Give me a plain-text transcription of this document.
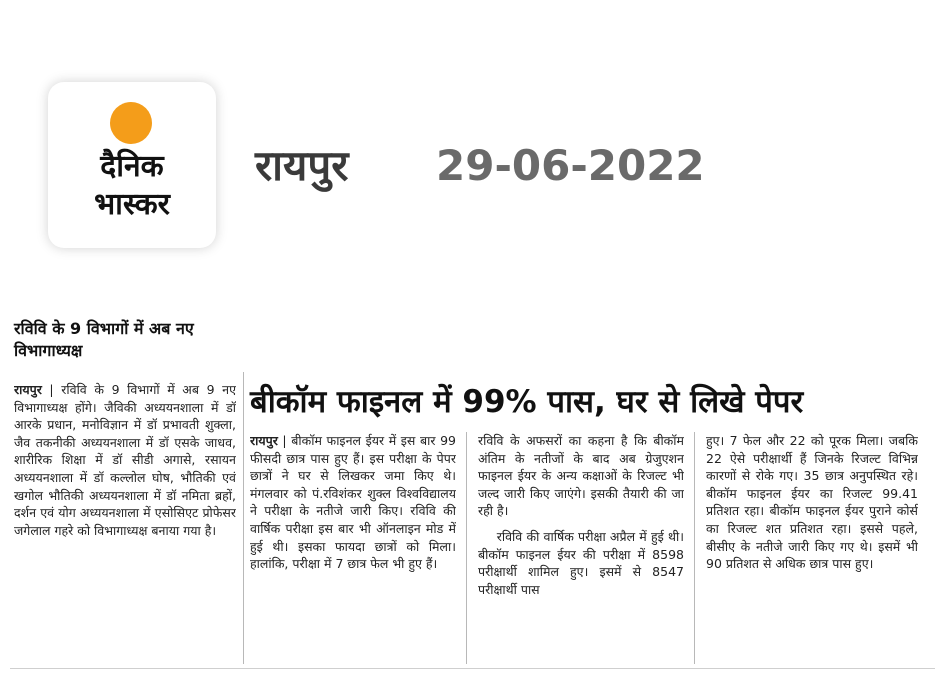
दैनिक
भास्कर
रायपुर 29-06-2022
रविवि के 9 विभागों में अब नए विभागाध्यक्ष
रायपुर | रविवि के 9 विभागों में अब 9 नए विभागाध्यक्ष होंगे। जैविकी अध्ययनशाला में डॉ आरके प्रधान, मनोविज्ञान में डॉ प्रभावती शुक्ला, जैव तकनीकी अध्ययनशाला में डॉ एसके जाधव, शारीरिक शिक्षा में डॉ सीडी अगासे, रसायन अध्ययनशाला में डॉ कल्लोल घोष, भौतिकी एवं खगोल भौतिकी अध्ययनशाला में डॉ नमिता ब्रहों, दर्शन एवं योग अध्ययनशाला में एसोसिएट प्रोफेसर जगेलाल गहरे को विभागाध्यक्ष बनाया गया है।
बीकॉम फाइनल में 99% पास, घर से लिखे पेपर

रायपुर | बीकॉम फाइनल ईयर में इस बार 99 फीसदी छात्र पास हुए हैं। इस परीक्षा के पेपर छात्रों ने घर से लिखकर जमा किए थे। मंगलवार को पं.रविशंकर शुक्ल विश्वविद्यालय ने परीक्षा के नतीजे जारी किए। रविवि की वार्षिक परीक्षा इस बार भी ऑनलाइन मोड में हुई थी। इसका फायदा छात्रों को मिला। हालांकि, परीक्षा में 7 छात्र फेल भी हुए हैं।

रविवि के अफसरों का कहना है कि बीकॉम अंतिम के नतीजों के बाद अब ग्रेजुएशन फाइनल ईयर के अन्य कक्षाओं के रिजल्ट भी जल्द जारी किए जाएंगे। इसकी तैयारी की जा रही है।

रविवि की वार्षिक परीक्षा अप्रैल में हुई थी। बीकॉम फाइनल ईयर की परीक्षा में 8598 परीक्षार्थी शामिल हुए। इसमें से 8547 परीक्षार्थी पास

हुए। 7 फेल और 22 को पूरक मिला। जबकि 22 ऐसे परीक्षार्थी हैं जिनके रिजल्ट विभिन्न कारणों से रोके गए। 35 छात्र अनुपस्थित रहे। बीकॉम फाइनल ईयर का रिजल्ट 99.41 प्रतिशत रहा। बीकॉम फाइनल ईयर पुराने कोर्स का रिजल्ट शत प्रतिशत रहा। इससे पहले, बीसीए के नतीजे जारी किए गए थे। इसमें भी 90 प्रतिशत से अधिक छात्र पास हुए।
